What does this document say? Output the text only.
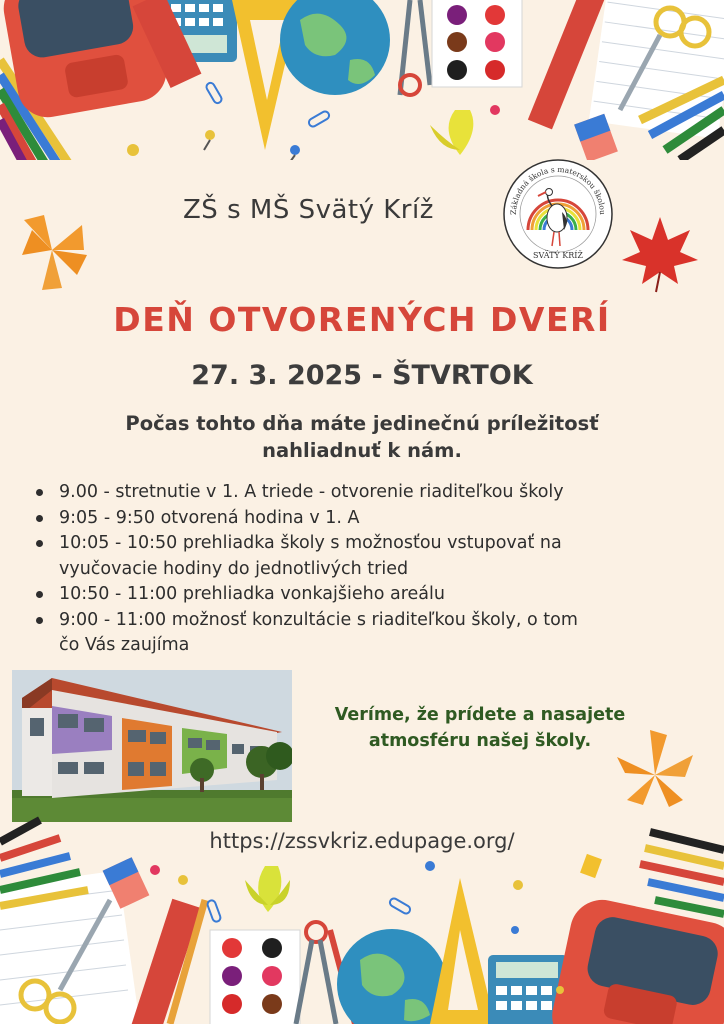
ZŠ s MŠ Svätý Kríž	Základná škola s materskou školou
SVÄTÝ KRÍŽ
DEŇ OTVORENÝCH DVERÍ
27. 3. 2025 - ŠTVRTOK
Počas tohto dňa máte jedinečnú príležitosť
nahliadnuť k nám.
9.00 - stretnutie v 1. A triede - otvorenie riaditeľkou školy
9:05 - 9:50 otvorená hodina v 1. A
10:05 - 10:50 prehliadka školy s možnosťou vstupovať na
vyučovacie hodiny do jednotlivých tried
10:50 - 11:00 prehliadka vonkajšieho areálu
9:00 - 11:00 možnosť konzultácie s riaditeľkou školy, o tom
čo Vás zaujíma
Veríme, že prídete a nasajete
atmosféru našej školy.
https://zssvkriz.edupage.org/
